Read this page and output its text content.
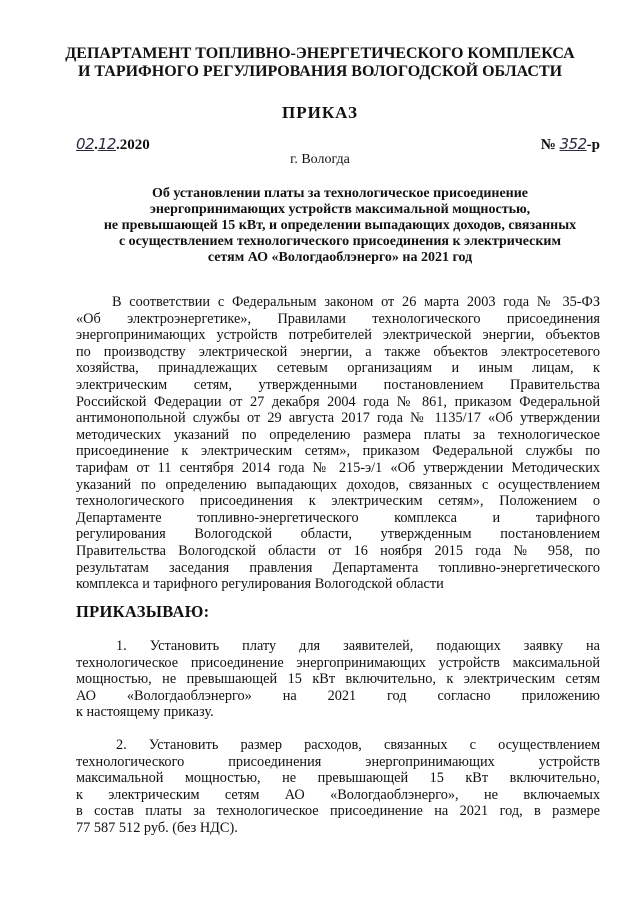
ДЕПАРТАМЕНТ ТОПЛИВНО-ЭНЕРГЕТИЧЕСКОГО КОМПЛЕКСА
И ТАРИФНОГО РЕГУЛИРОВАНИЯ ВОЛОГОДСКОЙ ОБЛАСТИ
ПРИКАЗ
02.12.2020	№ 352-р
г. Вологда
Об установлении платы за технологическое присоединение
энергопринимающих устройств максимальной мощностью,
не превышающей 15 кВт, и определении выпадающих доходов, связанных
с осуществлением технологического присоединения к электрическим
сетям АО «Вологдаоблэнерго» на 2021 год
В соответствии с Федеральным законом от 26 марта 2003 года № 35-ФЗ
«Об электроэнергетике», Правилами технологического присоединения
энергопринимающих устройств потребителей электрической энергии, объектов
по производству электрической энергии, а также объектов электросетевого
хозяйства, принадлежащих сетевым организациям и иным лицам, к
электрическим сетям, утвержденными постановлением Правительства
Российской Федерации от 27 декабря 2004 года № 861, приказом Федеральной
антимонопольной службы от 29 августа 2017 года № 1135/17 «Об утверждении
методических указаний по определению размера платы за технологическое
присоединение к электрическим сетям», приказом Федеральной службы по
тарифам от 11 сентября 2014 года № 215-э/1 «Об утверждении Методических
указаний по определению выпадающих доходов, связанных с осуществлением
технологического присоединения к электрическим сетям», Положением о
Департаменте топливно-энергетического комплекса и тарифного
регулирования Вологодской области, утвержденным постановлением
Правительства Вологодской области от 16 ноября 2015 года № 958, по
результатам заседания правления Департамента топливно-энергетического
комплекса и тарифного регулирования Вологодской области
ПРИКАЗЫВАЮ:
1. Установить плату для заявителей, подающих заявку на
технологическое присоединение энергопринимающих устройств максимальной
мощностью, не превышающей 15 кВт включительно, к электрическим сетям
АО «Вологдаоблэнерго» на 2021 год согласно приложению
к настоящему приказу.
2. Установить размер расходов, связанных с осуществлением
технологического присоединения энергопринимающих устройств
максимальной мощностью, не превышающей 15 кВт включительно,
к электрическим сетям АО «Вологдаоблэнерго», не включаемых
в состав платы за технологическое присоединение на 2021 год, в размере
77 587 512 руб. (без НДС).
